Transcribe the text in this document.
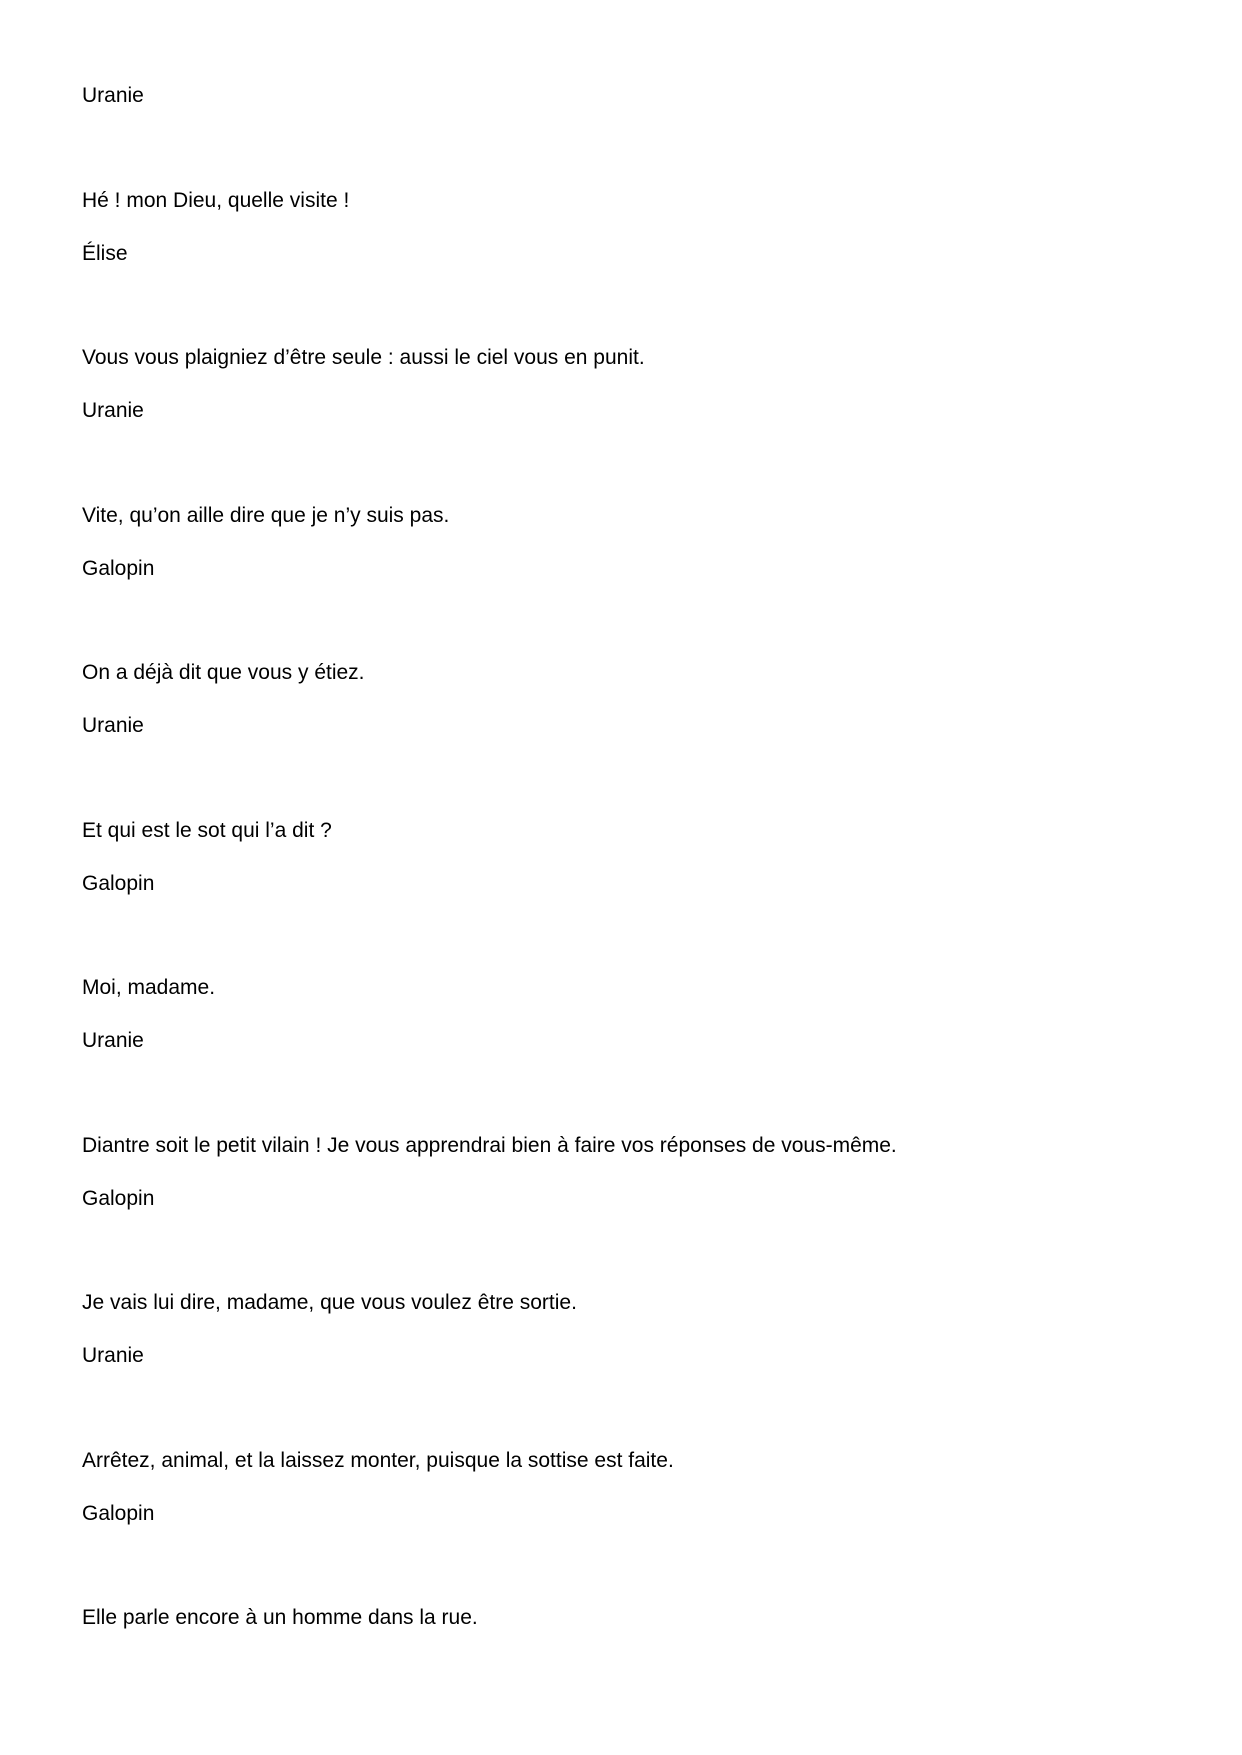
Uranie
Hé ! mon Dieu, quelle visite !
Élise
Vous vous plaigniez d’être seule : aussi le ciel vous en punit.
Uranie
Vite, qu’on aille dire que je n’y suis pas.
Galopin
On a déjà dit que vous y étiez.
Uranie
Et qui est le sot qui l’a dit ?
Galopin
Moi, madame.
Uranie
Diantre soit le petit vilain ! Je vous apprendrai bien à faire vos réponses de vous-même.
Galopin
Je vais lui dire, madame, que vous voulez être sortie.
Uranie
Arrêtez, animal, et la laissez monter, puisque la sottise est faite.
Galopin
Elle parle encore à un homme dans la rue.
